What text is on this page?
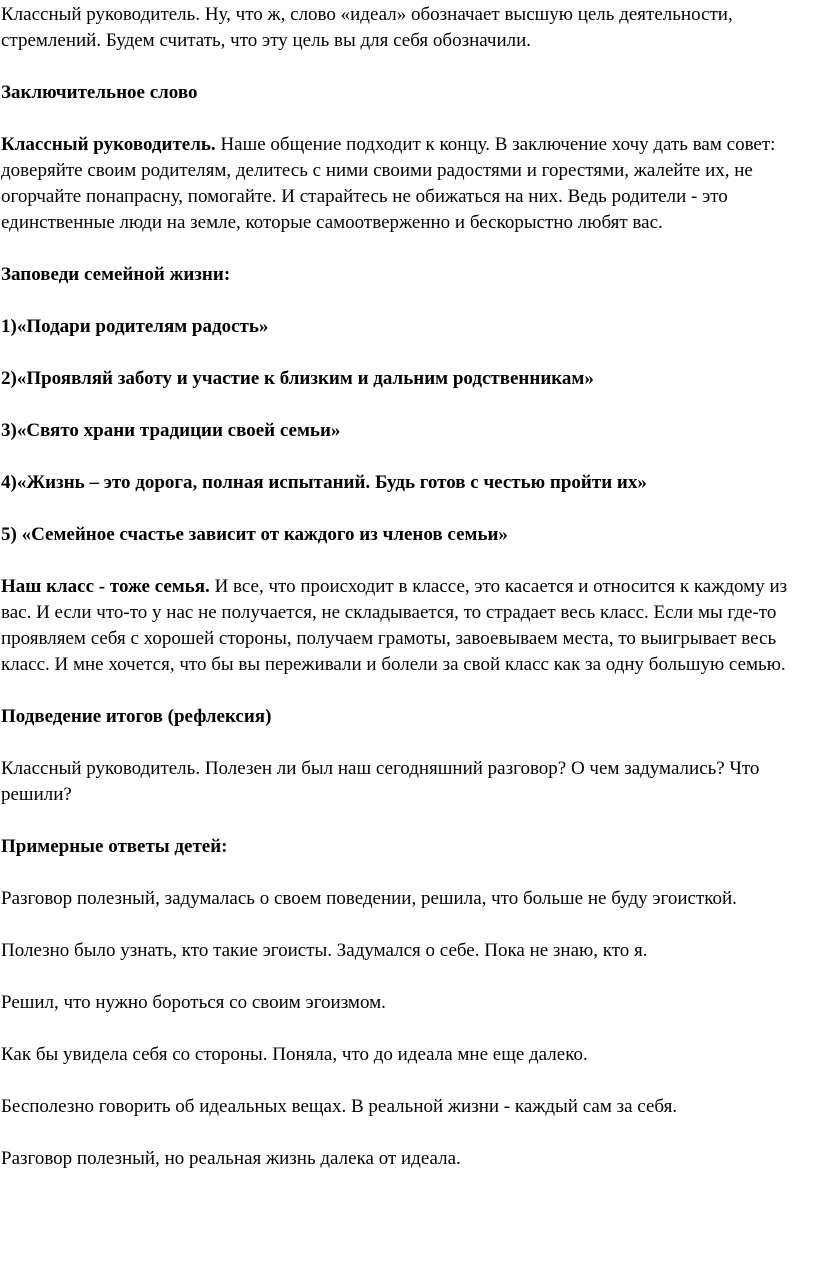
Классный руководитель. Ну, что ж, слово «идеал» обозначает высшую цель деятельности, стремлений. Будем считать, что эту цель вы для себя обозначили.

Заключительное слово

Классный руководитель. Наше общение подходит к концу. В заключение хочу дать вам совет: доверяйте своим родителям, делитесь с ними своими радостями и горестями, жалейте их, не огорчайте понапрасну, помогайте. И старайтесь не обижаться на них. Ведь родители - это единственные люди на земле, которые самоотверженно и бескорыстно любят вас.

Заповеди семейной жизни:

1)«Подари родителям радость»

2)«Проявляй заботу и участие к близким и дальним родственникам»

3)«Свято храни традиции своей семьи»

4)«Жизнь – это дорога, полная испытаний. Будь готов с честью пройти их»

5) «Семейное счастье зависит от каждого из членов семьи»

Наш класс - тоже семья. И все, что происходит в классе, это касается и относится к каждому из вас. И если что-то у нас не получается, не складывается, то страдает весь класс. Если мы где-то проявляем себя с хорошей стороны, получаем грамоты, завоевываем места, то выигрывает весь класс. И мне хочется, что бы вы переживали и болели за свой класс как за одну большую семью.

Подведение итогов (рефлексия)

Классный руководитель. Полезен ли был наш сегодняшний разговор? О чем задумались? Что решили?

Примерные ответы детей:

Разговор полезный, задумалась о своем поведении, решила, что больше не буду эгоисткой.

Полезно было узнать, кто такие эгоисты. Задумался о себе. Пока не знаю, кто я.

Решил, что нужно бороться со своим эгоизмом.

Как бы увидела себя со стороны. Поняла, что до идеала мне еще далеко.

Бесполезно говорить об идеальных вещах. В реальной жизни - каждый сам за себя.

Разговор полезный, но реальная жизнь далека от идеала.
